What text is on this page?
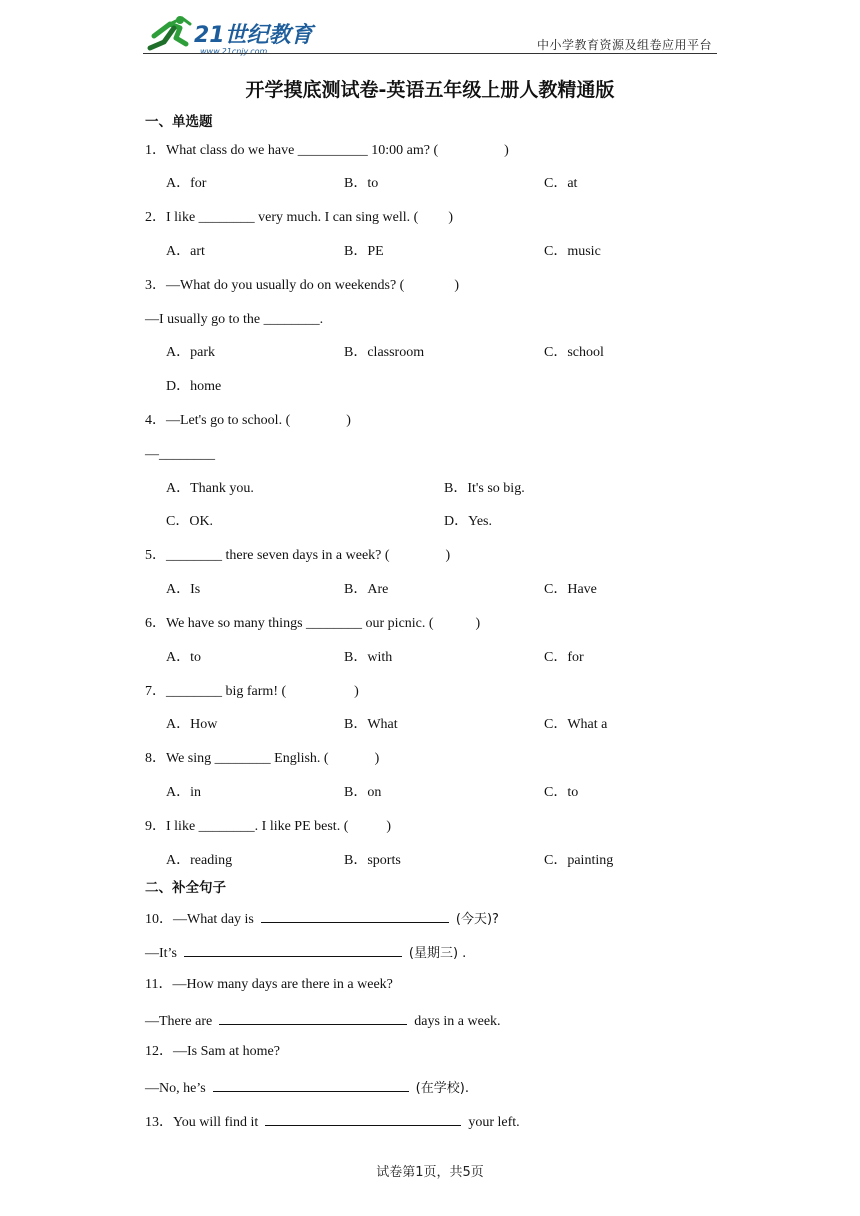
21世纪教育
www.21cnjy.com	中小学教育资源及组卷应用平台
开学摸底测试卷-英语五年级上册人教精通版
一、单选题
1．What class do we have __________ 10:00 am? (	)
A．for	B．to	C．at
2．I like ________ very much. I can sing well. ( )
A．art	B．PE	C．music
3．—What do you usually do on weekends? (	)
—I usually go to the ________.
A．park	B．classroom	C．school
D．home
4．—Let's go to school. (	)
—________
A．Thank you.	B．It's so big.
C．OK.	D．Yes.
5．________ there seven days in a week? (	)
A．Is	B．Are	C．Have
6．We have so many things ________ our picnic. (	)
A．to	B．with	C．for
7．________ big farm! (	)
A．How	B．What	C．What a
8．We sing ________ English. (	)
A．in	B．on	C．to
9．I like ________. I like PE best. (	)
A．reading	B．sports	C．painting
二、补全句子
10．—What day is	(今天)?
—It’s	(星期三) .
11．—How many days are there in a week?
—There are	days in a week.
12．—Is Sam at home?
—No, he’s	(在学校).
13．You will find it	your left.
试卷第1页，共5页
